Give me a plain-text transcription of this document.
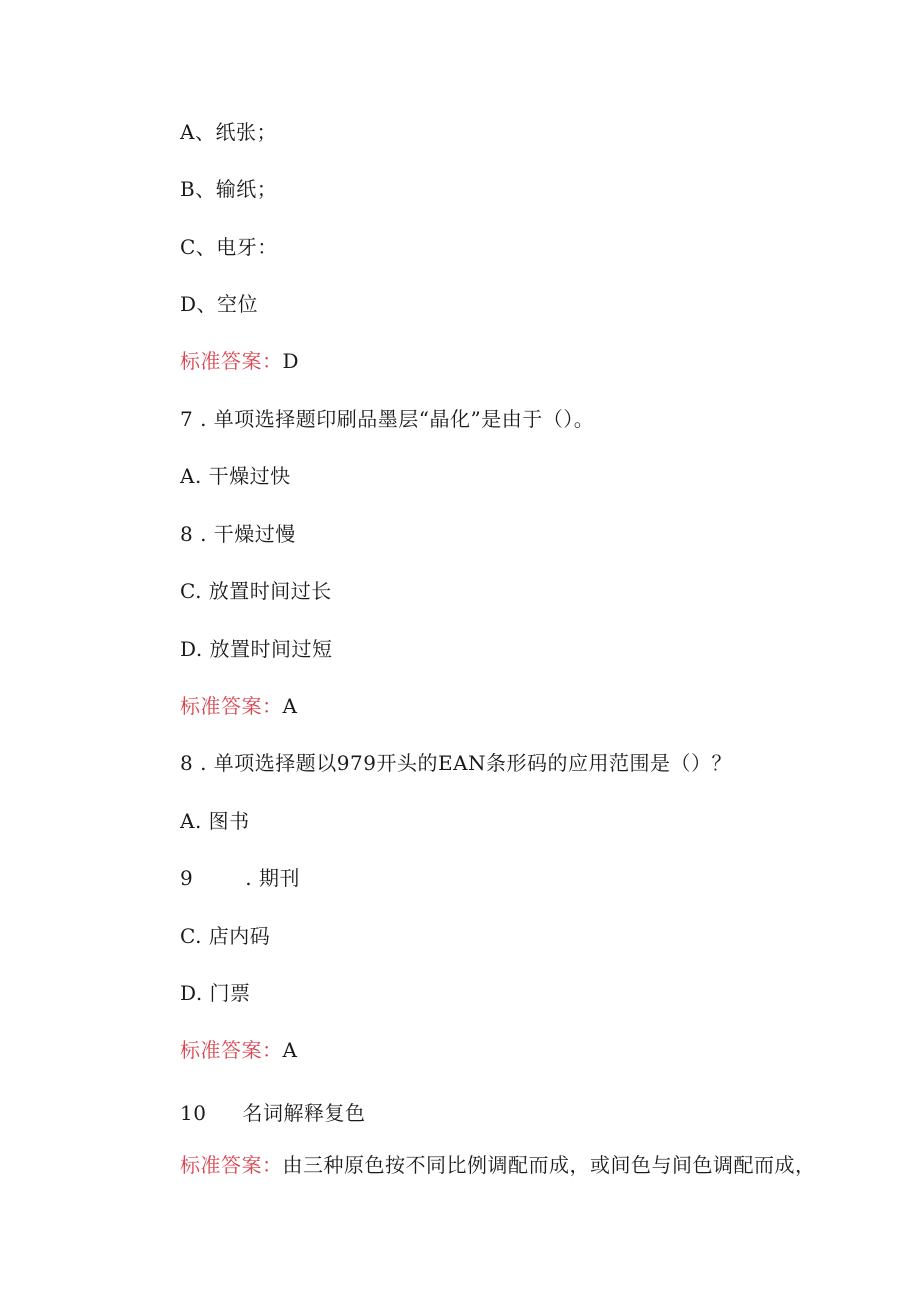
A、纸张；
B、输纸；
C、电牙：
D、空位
标准答案：D
7 . 单项选择题印刷品墨层“晶化”是由于（）。
A. 干燥过快
8 . 干燥过慢
C. 放置时间过长
D. 放置时间过短
标准答案：A
8 . 单项选择题以979开头的EAN条形码的应用范围是（）？
A. 图书
9	. 期刊
C. 店内码
D. 门票
标准答案：A
10 名词解释复色
标准答案：由三种原色按不同比例调配而成，或间色与间色调配而成，
